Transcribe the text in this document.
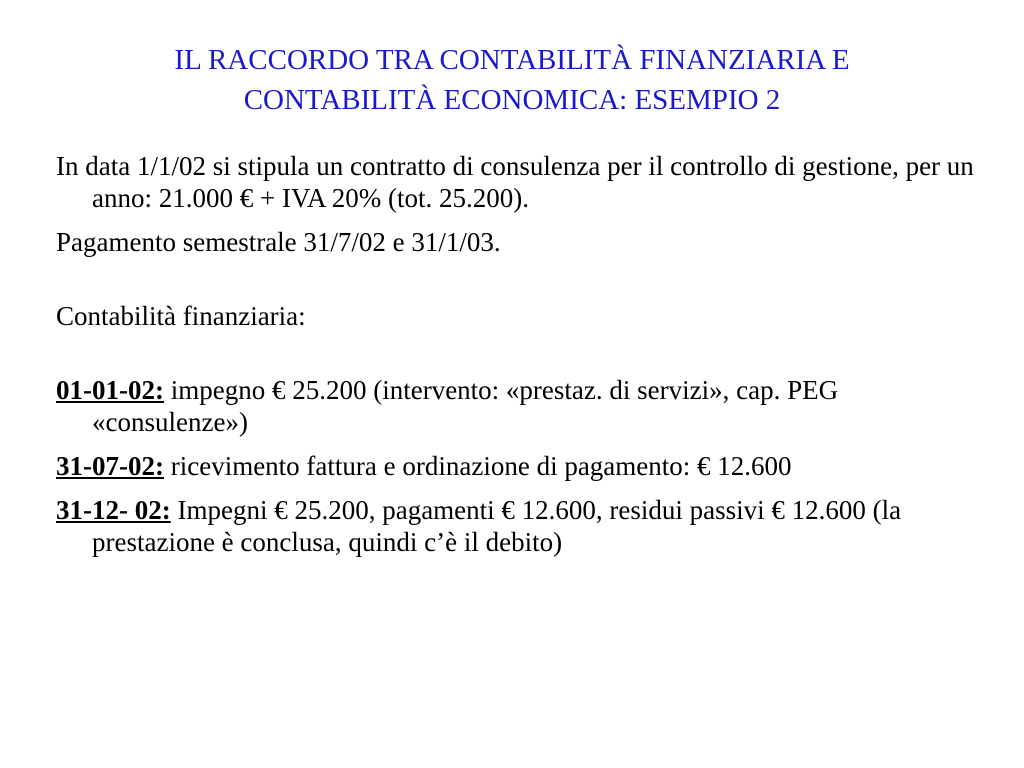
IL RACCORDO TRA CONTABILITÀ FINANZIARIA E
CONTABILITÀ ECONOMICA: ESEMPIO 2

In data 1/1/02 si stipula un contratto di consulenza per il controllo di gestione, per un anno: 21.000 € + IVA 20% (tot. 25.200).

Pagamento semestrale 31/7/02 e 31/1/03.

Contabilità finanziaria:

01-01-02: impegno € 25.200 (intervento: «prestaz. di servizi», cap. PEG «consulenze»)

31-07-02: ricevimento fattura e ordinazione di pagamento: € 12.600

31-12- 02: Impegni € 25.200, pagamenti € 12.600, residui passivi € 12.600 (la prestazione è conclusa, quindi c’è il debito)
